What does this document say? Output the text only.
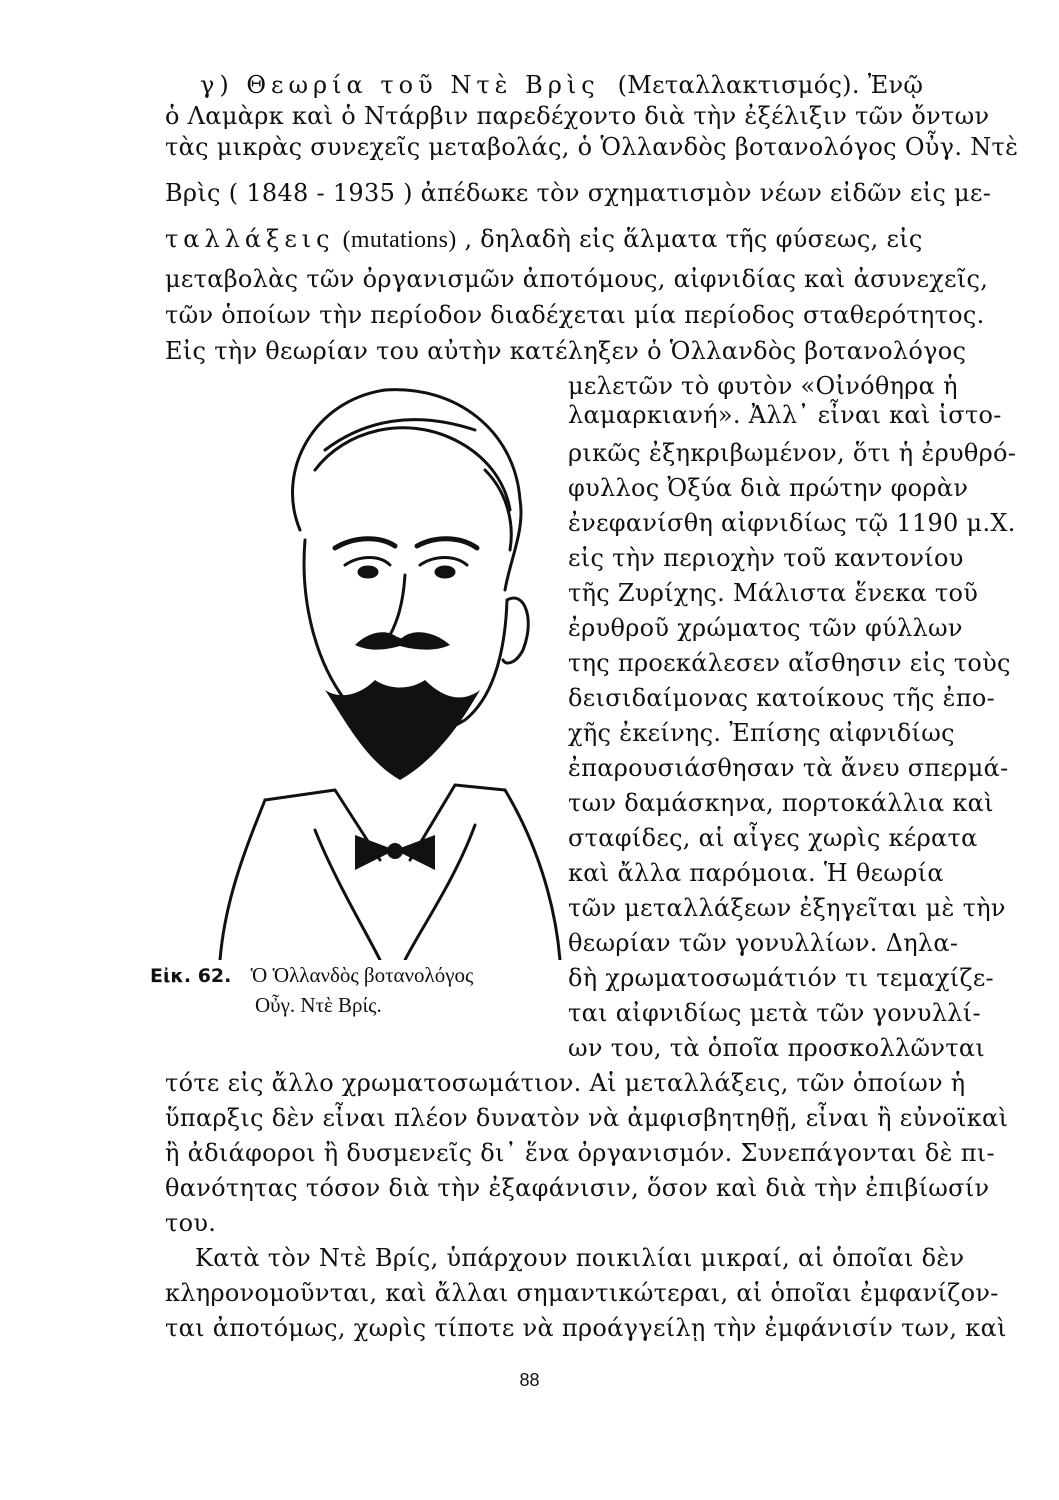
γ) Θεωρία τοῦ Ντὲ Βρὶς (Μεταλλακτισμός). Ἐνῷ
ὁ Λαμὰρκ καὶ ὁ Ντάρβιν παρεδέχοντο διὰ τὴν ἐξέλιξιν τῶν ὄντων
τὰς μικρὰς συνεχεῖς μεταβολάς, ὁ Ὁλλανδὸς βοτανολόγος Οὖγ. Ντὲ
Βρὶς ( 1848 - 1935 ) ἀπέδωκε τὸν σχηματισμὸν νέων εἰδῶν εἰς με-
ταλλάξεις (mutations) , δηλαδὴ εἰς ἅλματα τῆς φύσεως, εἰς
μεταβολὰς τῶν ὀργανισμῶν ἀποτόμους, αἰφνιδίας καὶ ἀσυνεχεῖς,
τῶν ὁποίων τὴν περίοδον διαδέχεται μία περίοδος σταθερότητος.
Εἰς τὴν θεωρίαν του αὐτὴν κατέληξεν ὁ Ὁλλανδὸς βοτανολόγος
μελετῶν τὸ φυτὸν «Οἰνόθηρα ἡ
λαμαρκιανή». Ἀλλ᾽ εἶναι καὶ ἱστο-
ρικῶς ἐξηκριβωμένον, ὅτι ἡ ἐρυθρό-
φυλλος Ὀξύα διὰ πρώτην φορὰν
ἐνεφανίσθη αἰφνιδίως τῷ 1190 μ.Χ.
εἰς τὴν περιοχὴν τοῦ καντονίου
τῆς Ζυρίχης. Μάλιστα ἕνεκα τοῦ
ἐρυθροῦ χρώματος τῶν φύλλων
της προεκάλεσεν αἴσθησιν εἰς τοὺς
δεισιδαίμονας κατοίκους τῆς ἐπο-
χῆς ἐκείνης. Ἐπίσης αἰφνιδίως
ἐπαρουσιάσθησαν τὰ ἄνευ σπερμά-
των δαμάσκηνα, πορτοκάλλια καὶ
σταφίδες, αἱ αἶγες χωρὶς κέρατα
καὶ ἄλλα παρόμοια. Ἡ θεωρία
τῶν μεταλλάξεων ἐξηγεῖται μὲ τὴν
θεωρίαν τῶν γονυλλίων. Δηλα-
δὴ χρωματοσωμάτιόν τι τεμαχίζε-
ται αἰφνιδίως μετὰ τῶν γονυλλί-
ων του, τὰ ὁποῖα προσκολλῶνται
Εἰκ. 62. Ὁ Ὁλλανδὸς βοτανολόγος
Οὖγ. Ντὲ Βρίς.
τότε εἰς ἄλλο χρωματοσωμάτιον. Αἱ μεταλλάξεις, τῶν ὁποίων ἡ
ὕπαρξις δὲν εἶναι πλέον δυνατὸν νὰ ἀμφισβητηθῇ, εἶναι ἢ εὐνοϊκαὶ
ἢ ἀδιάφοροι ἢ δυσμενεῖς δι᾽ ἕνα ὀργανισμόν. Συνεπάγονται δὲ πι-
θανότητας τόσον διὰ τὴν ἐξαφάνισιν, ὅσον καὶ διὰ τὴν ἐπιβίωσίν
του.
Κατὰ τὸν Ντὲ Βρίς, ὑπάρχουν ποικιλίαι μικραί, αἱ ὁποῖαι δὲν
κληρονομοῦνται, καὶ ἄλλαι σημαντικώτεραι, αἱ ὁποῖαι ἐμφανίζον-
ται ἀποτόμως, χωρὶς τίποτε νὰ προάγγείλῃ τὴν ἐμφάνισίν των, καὶ
88
